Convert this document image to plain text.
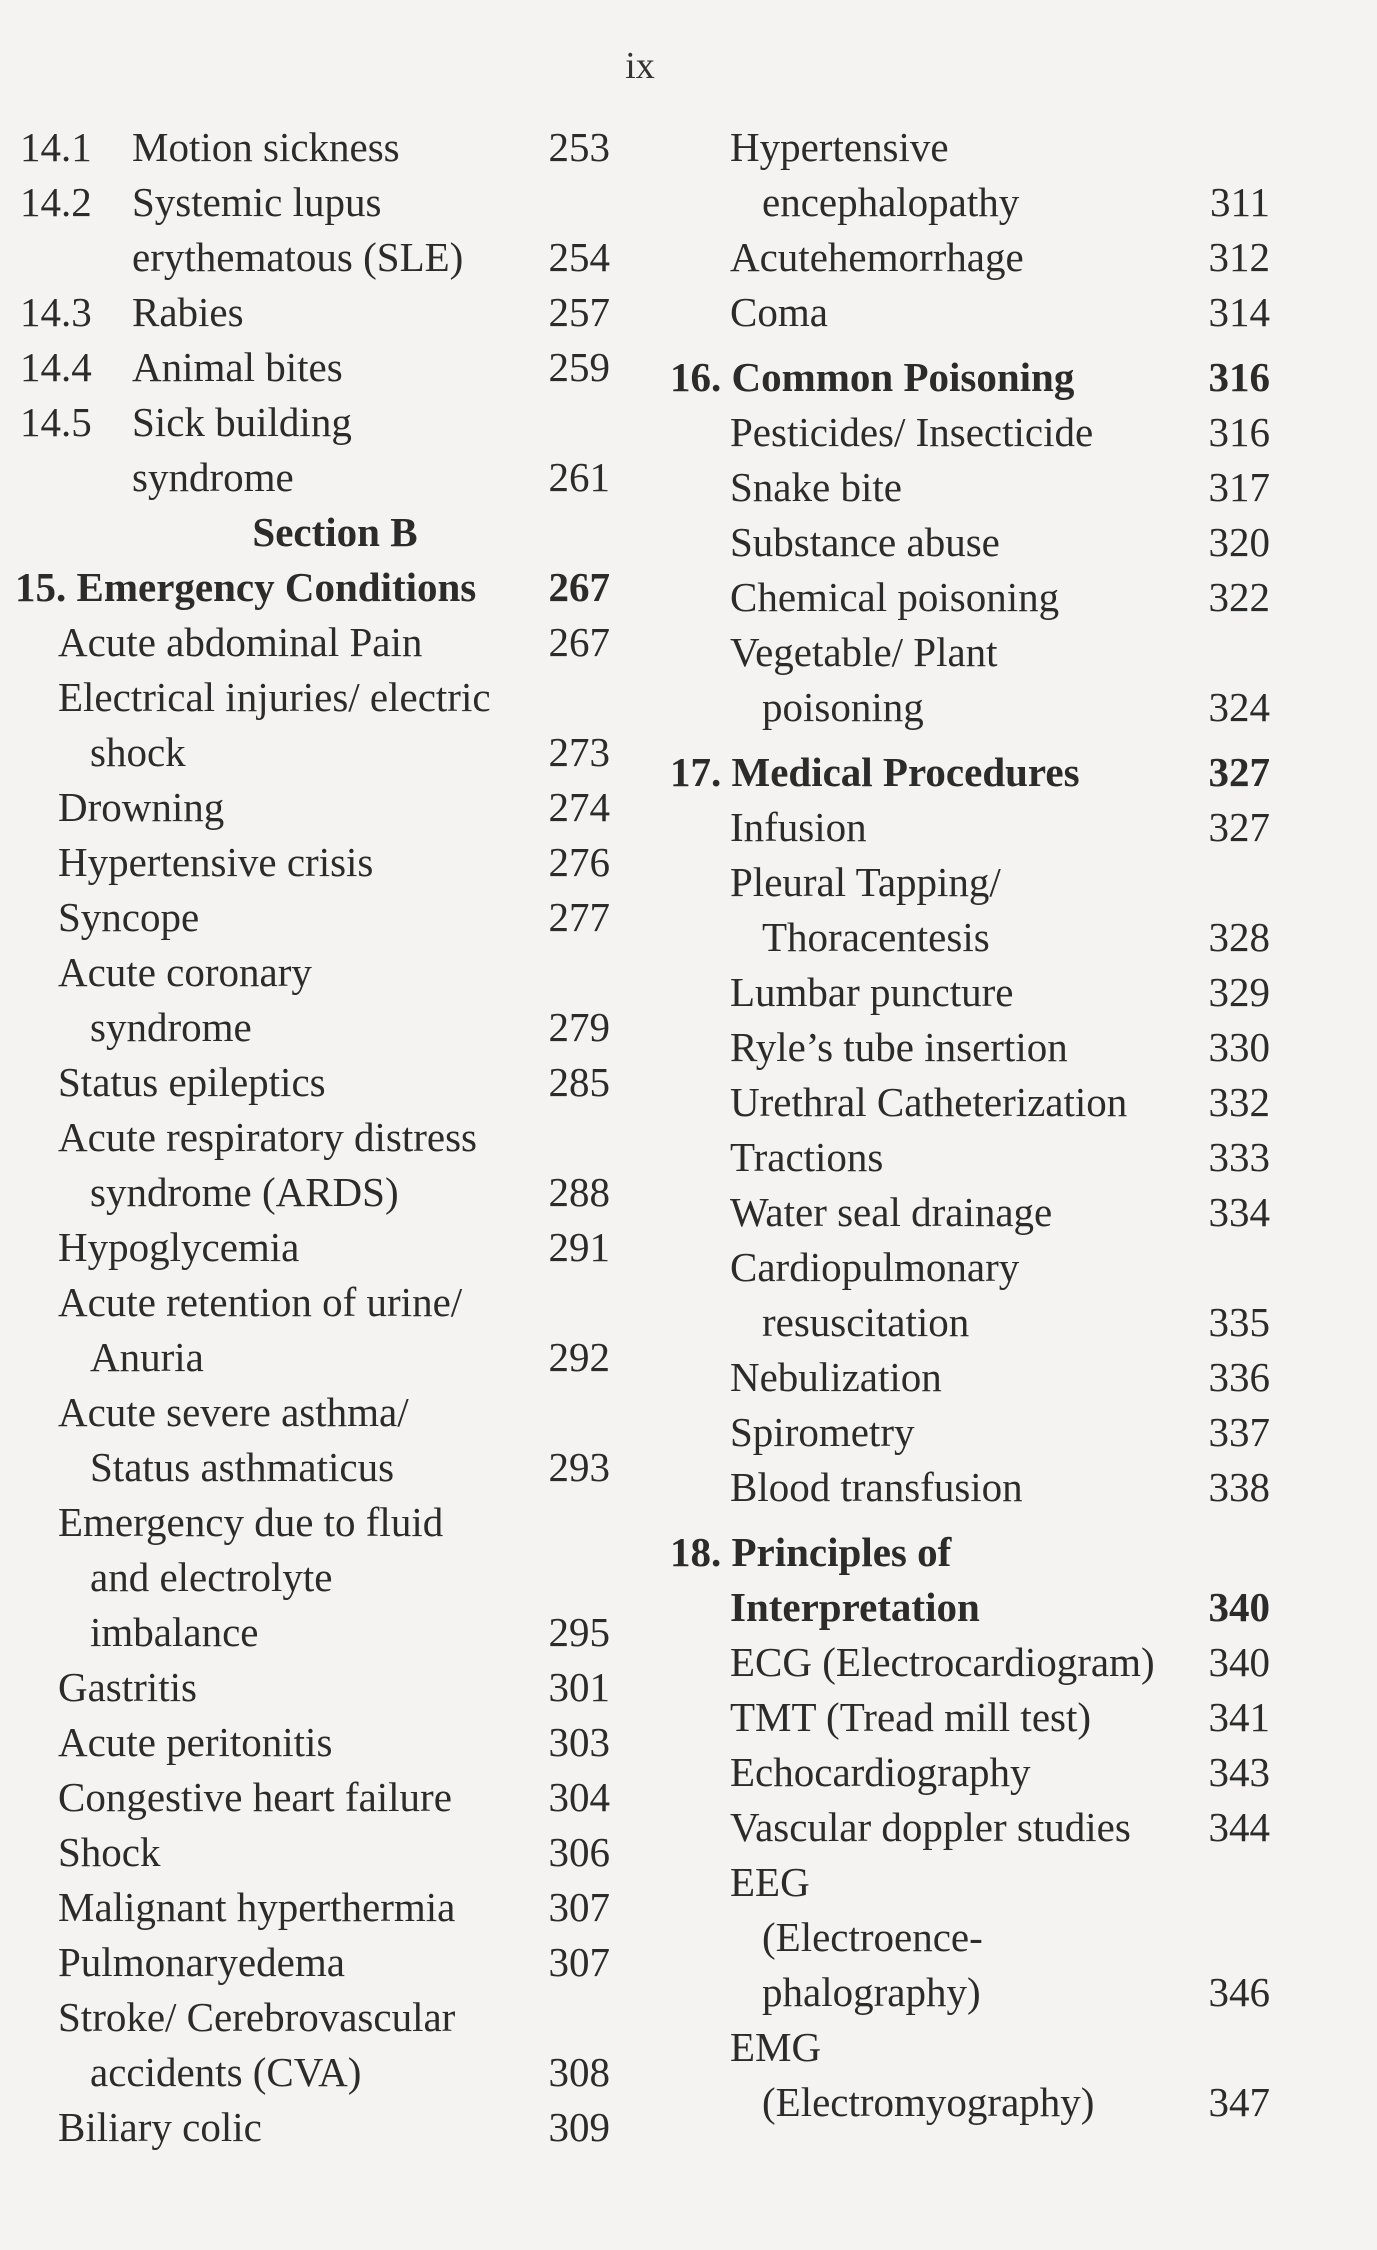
ix
14.1 Motion sickness	253
14.2 Systemic lupus
erythematous (SLE) 254
14.3 Rabies	257
14.4 Animal bites	259
14.5 Sick building
syndrome	261
Section B
15. Emergency Conditions 267
Acute abdominal Pain	267
Electrical injuries/ electric
shock	273
Drowning	274
Hypertensive crisis	276
Syncope	277
Acute coronary
syndrome	279
Status epileptics	285
Acute respiratory distress
syndrome (ARDS)	288
Hypoglycemia	291
Acute retention of urine/
Anuria	292
Acute severe asthma/
Status asthmaticus	293
Emergency due to fluid
and electrolyte
imbalance	295
Gastritis	301
Acute peritonitis	303
Congestive heart failure 304
Shock	306
Malignant hyperthermia 307
Pulmonaryedema	307
Stroke/ Cerebrovascular
accidents (CVA)	308
Biliary colic	309
Hypertensive
encephalopathy	311
Acutehemorrhage	312
Coma	314
16. Common Poisoning	316
Pesticides/ Insecticide	316
Snake bite	317
Substance abuse	320
Chemical poisoning	322
Vegetable/ Plant
poisoning	324
17. Medical Procedures	327
Infusion	327
Pleural Tapping/
Thoracentesis	328
Lumbar puncture	329
Ryle’s tube insertion	330
Urethral Catheterization 332
Tractions	333
Water seal drainage	334
Cardiopulmonary
resuscitation	335
Nebulization	336
Spirometry	337
Blood transfusion	338
18. Principles of
Interpretation	340
ECG (Electrocardiogram) 340
TMT (Tread mill test)	341
Echocardiography	343
Vascular doppler studies 344
EEG
(Electroence-
phalography)	346
EMG
(Electromyography)	347
